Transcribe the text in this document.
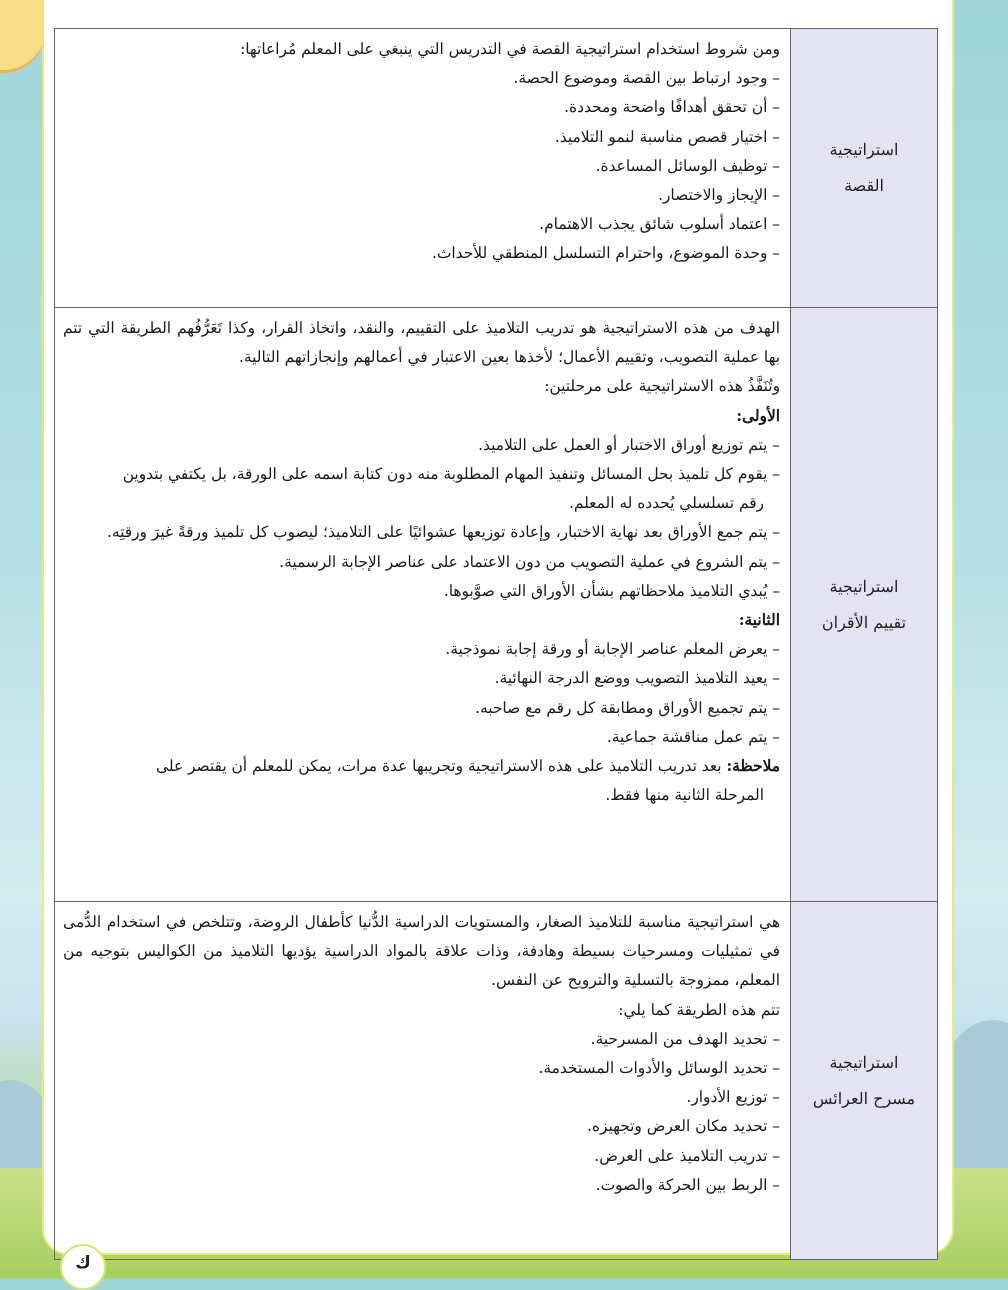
استراتيجية
القصة

ومن شروط استخدام استراتيجية القصة في التدريس التي ينبغي على المعلم مُراعاتها:
– وجود ارتباط بين القصة وموضوع الحصة.
– أن تحقق أهدافًا واضحة ومحددة.
– اختيار قصص مناسبة لنمو التلاميذ.
– توظيف الوسائل المساعدة.
– الإيجاز والاختصار.
– اعتماد أسلوب شائق يجذب الاهتمام.
– وحدة الموضوع، واحترام التسلسل المنطقي للأحداث.

استراتيجية
تقييم الأقران

الهدف من هذه الاستراتيجية هو تدريب التلاميذ على التقييم، والنقد، واتخاذ القرار، وكذا تَعَرُّفُهم الطريقة التي تتم بها عملية التصويب، وتقييم الأعمال؛ لأخذها بعين الاعتبار في أعمالهم وإنجازاتهم التالية.
وتُنَفَّذُ هذه الاستراتيجية على مرحلتين:
الأولى:
– يتم توزيع أوراق الاختبار أو العمل على التلاميذ.
– يقوم كل تلميذ بحل المسائل وتنفيذ المهام المطلوبة منه دون كتابة اسمه على الورقة، بل يكتفي بتدوين
رقم تسلسلي يُحدده له المعلم.
– يتم جمع الأوراق بعد نهاية الاختبار، وإعادة توزيعها عشوائيًا على التلاميذ؛ ليصوب كل تلميذ ورقةً غيرَ ورقتِه.
– يتم الشروع في عملية التصويب من دون الاعتماد على عناصر الإجابة الرسمية.
– يُبدي التلاميذ ملاحظاتهم بشأن الأوراق التي صوَّبوها.
الثانية:
– يعرض المعلم عناصر الإجابة أو ورقة إجابة نموذجية.
– يعيد التلاميذ التصويب ووضع الدرجة النهائية.
– يتم تجميع الأوراق ومطابقة كل رقم مع صاحبه.
– يتم عمل مناقشة جماعية.
ملاحظة: بعد تدريب التلاميذ على هذه الاستراتيجية وتجريبها عدة مرات، يمكن للمعلم أن يقتصر على
المرحلة الثانية منها فقط.

استراتيجية
مسرح العرائس

هي استراتيجية مناسبة للتلاميذ الصغار، والمستويات الدراسية الدُّنيا كأطفال الروضة، وتتلخص في استخدام الدُّمى في تمثيليات ومسرحيات بسيطة وهادفة، وذات علاقة بالمواد الدراسية يؤديها التلاميذ من الكواليس بتوجيه من المعلم، ممزوجة بالتسلية والترويح عن النفس.
تتم هذه الطريقة كما يلي:
– تحديد الهدف من المسرحية.
– تحديد الوسائل والأدوات المستخدمة.
– توزيع الأدوار.
– تحديد مكان العرض وتجهيزه.
– تدريب التلاميذ على العرض.
– الربط بين الحركة والصوت.
ك
